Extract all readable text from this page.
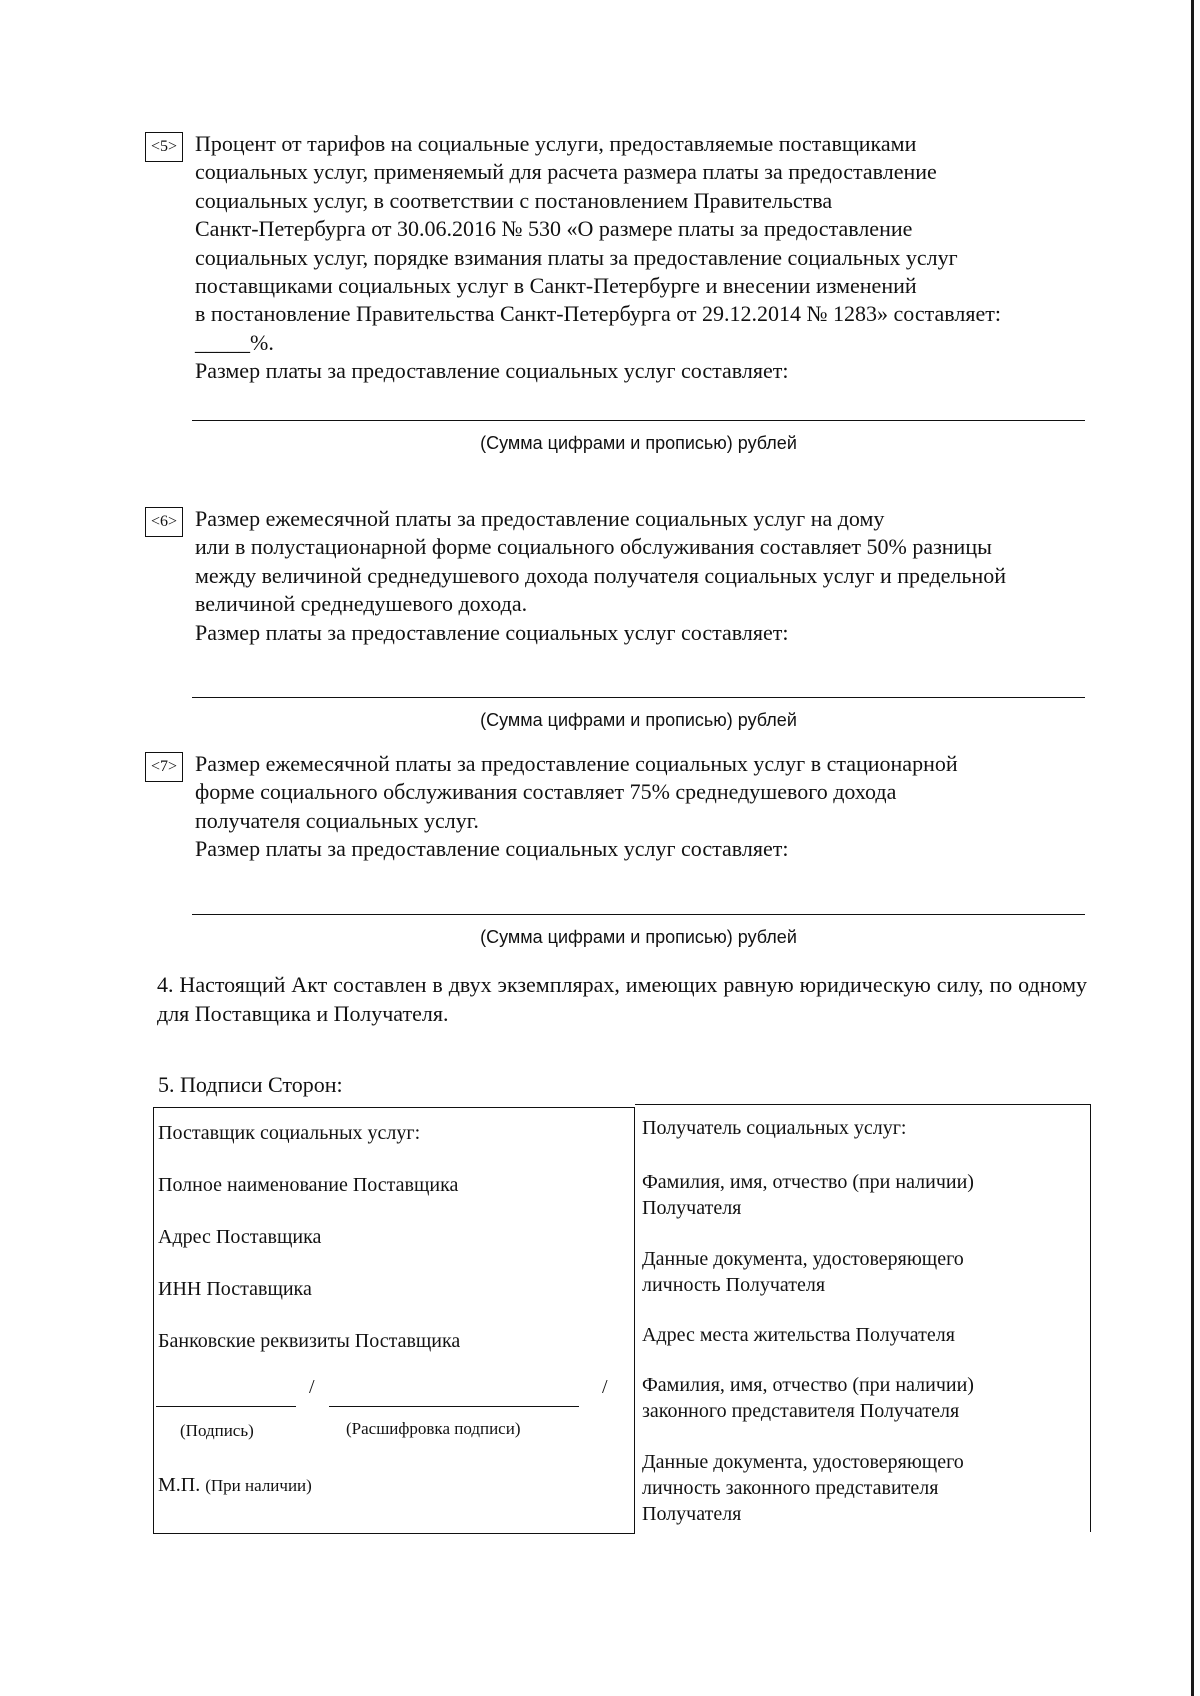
<5> Процент от тарифов на социальные услуги, предоставляемые поставщиками

социальных услуг, применяемый для расчета размера платы за предоставление

социальных услуг, в соответствии с постановлением Правительства

Санкт-Петербурга от 30.06.2016 № 530 «О размере платы за предоставление

социальных услуг, порядке взимания платы за предоставление социальных услуг

поставщиками социальных услуг в Санкт-Петербурге и внесении изменений

в постановление Правительства Санкт-Петербурга от 29.12.2014 № 1283» составляет:

_____%.

Размер платы за предоставление социальных услуг составляет:

(Сумма цифрами и прописью) рублей
<6> Размер ежемесячной платы за предоставление социальных услуг на дому

или в полустационарной форме социального обслуживания составляет 50% разницы

между величиной среднедушевого дохода получателя социальных услуг и предельной

величиной среднедушевого дохода.

Размер платы за предоставление социальных услуг составляет:

(Сумма цифрами и прописью) рублей
<7> Размер ежемесячной платы за предоставление социальных услуг в стационарной

форме социального обслуживания составляет 75% среднедушевого дохода

получателя социальных услуг.

Размер платы за предоставление социальных услуг составляет:

(Сумма цифрами и прописью) рублей

4. Настоящий Акт составлен в двух экземплярах, имеющих равную юридическую силу, по одному для Поставщика и Получателя.

5. Подписи Сторон:

Поставщик социальных услуг:

Полное наименование Поставщика

Адрес Поставщика

ИНН Поставщика

Банковские реквизиты Поставщика

/	/

(Подпись)	(Расшифровка подписи)

М.П. (При наличии)

Получатель социальных услуг:

Фамилия, имя, отчество (при наличии)
Получателя

Данные документа, удостоверяющего
личность Получателя

Адрес места жительства Получателя

Фамилия, имя, отчество (при наличии)
законного представителя Получателя

Данные документа, удостоверяющего
личность законного представителя
Получателя
